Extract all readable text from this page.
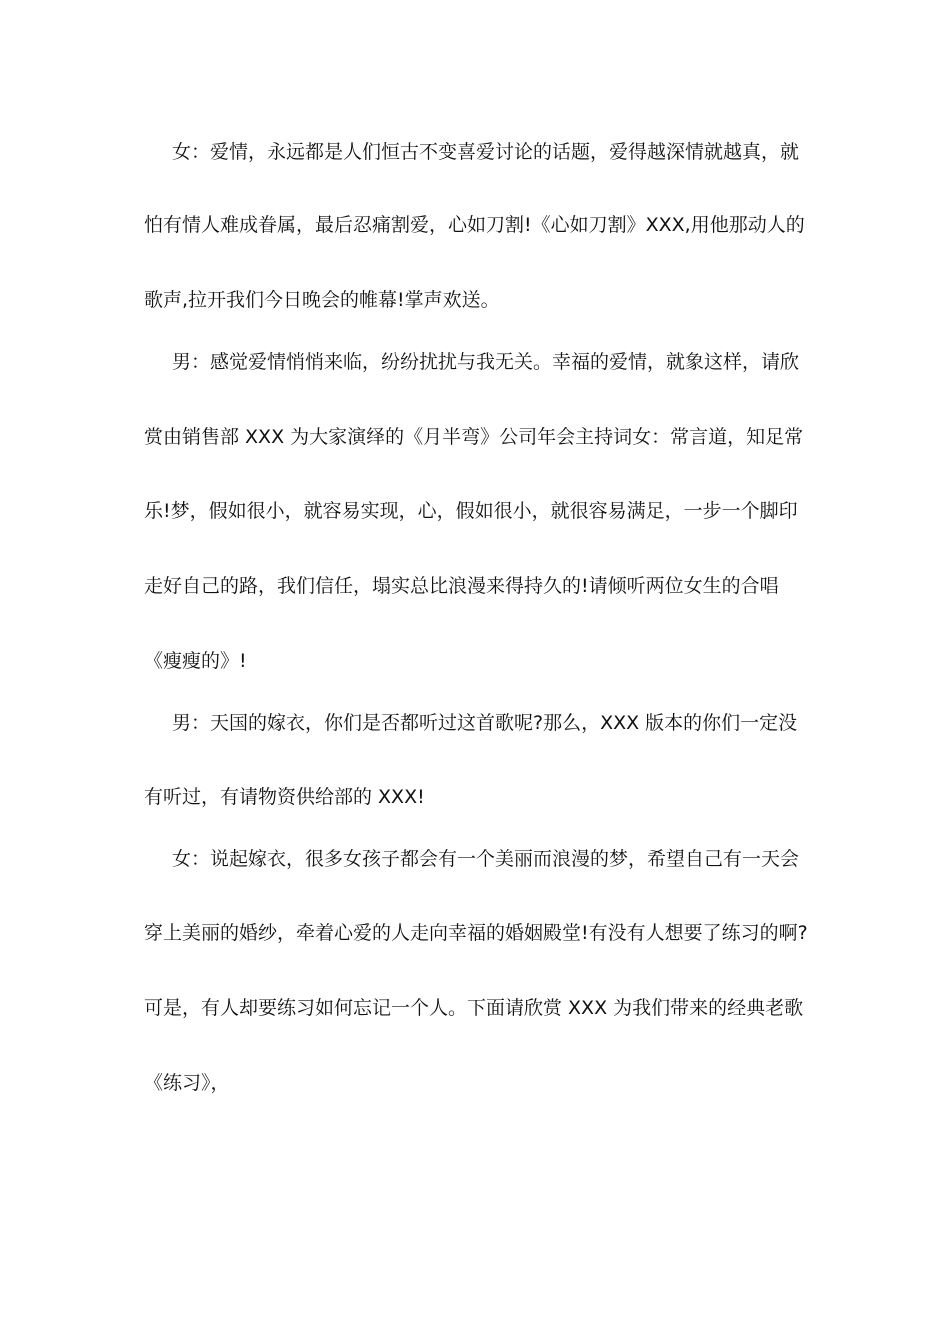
女：爱情，永远都是人们恒古不变喜爱讨论的话题，爱得越深情就越真，就
怕有情人难成眷属，最后忍痛割爱，心如刀割!《心如刀割》XXX,用他那动人的
歌声,拉开我们今日晚会的帷幕!掌声欢送。
男：感觉爱情悄悄来临，纷纷扰扰与我无关。幸福的爱情，就象这样，请欣
赏由销售部 XXX 为大家演绎的《月半弯》公司年会主持词女：常言道，知足常
乐!梦，假如很小，就容易实现，心，假如很小，就很容易满足，一步一个脚印
走好自己的路，我们信任，塌实总比浪漫来得持久的!请倾听两位女生的合唱
《瘦瘦的》!
男：天国的嫁衣，你们是否都听过这首歌呢?那么，XXX 版本的你们一定没
有听过，有请物资供给部的 XXX!
女：说起嫁衣，很多女孩子都会有一个美丽而浪漫的梦，希望自己有一天会
穿上美丽的婚纱，牵着心爱的人走向幸福的婚姻殿堂!有没有人想要了练习的啊?
可是，有人却要练习如何忘记一个人。下面请欣赏 XXX 为我们带来的经典老歌
《练习》，
